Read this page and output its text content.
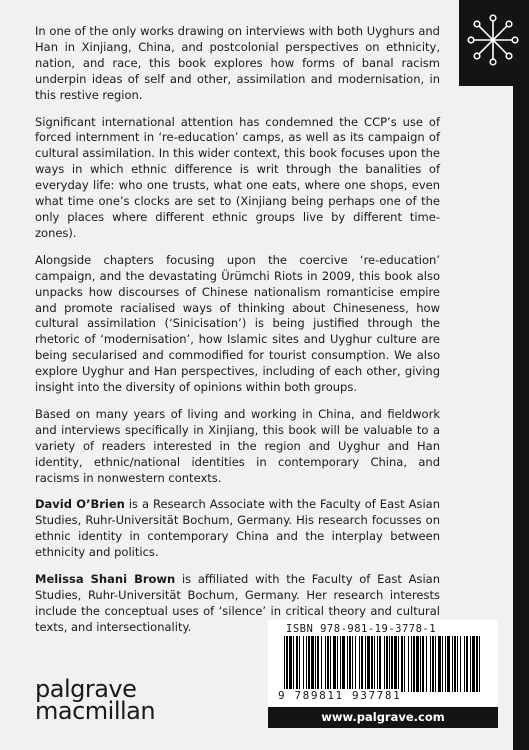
In one of the only works drawing on interviews with both Uyghurs and Han in Xinjiang, China, and postcolonial perspectives on ethnicity, nation, and race, this book explores how forms of banal racism underpin ideas of self and other, assimilation and modernisation, in this restive region.

Significant international attention has condemned the CCP’s use of forced internment in ‘re-education’ camps, as well as its campaign of cultural assimilation. In this wider context, this book focuses upon the ways in which ethnic difference is writ through the banalities of everyday life: who one trusts, what one eats, where one shops, even what time one’s clocks are set to (Xinjiang being perhaps one of the only places where different ethnic groups live by different time-zones).

Alongside chapters focusing upon the coercive ‘re-education’ campaign, and the devastating Ürümchi Riots in 2009, this book also unpacks how discourses of Chinese nationalism romanticise empire and promote racialised ways of thinking about Chineseness, how cultural assimilation (‘Sinicisation’) is being justified through the rhetoric of ‘modernisation’, how Islamic sites and Uyghur culture are being secularised and commodified for tourist consumption. We also explore Uyghur and Han perspectives, including of each other, giving insight into the diversity of opinions within both groups.

Based on many years of living and working in China, and fieldwork and interviews specifically in Xinjiang, this book will be valuable to a variety of readers interested in the region and Uyghur and Han identity, ethnic/national identities in contemporary China, and racisms in nonwestern contexts.

David O’Brien is a Research Associate with the Faculty of East Asian Studies, Ruhr-Universität Bochum, Germany. His research focusses on ethnic identity in contemporary China and the interplay between ethnicity and politics.

Melissa Shani Brown is affiliated with the Faculty of East Asian Studies, Ruhr-Universität Bochum, Germany. Her research interests include the conceptual uses of ‘silence’ in critical theory and cultural texts, and intersectionality.

palgrave
macmillan
ISBN 978-981-19-3778-1
9 789811 937781
www.palgrave.com
